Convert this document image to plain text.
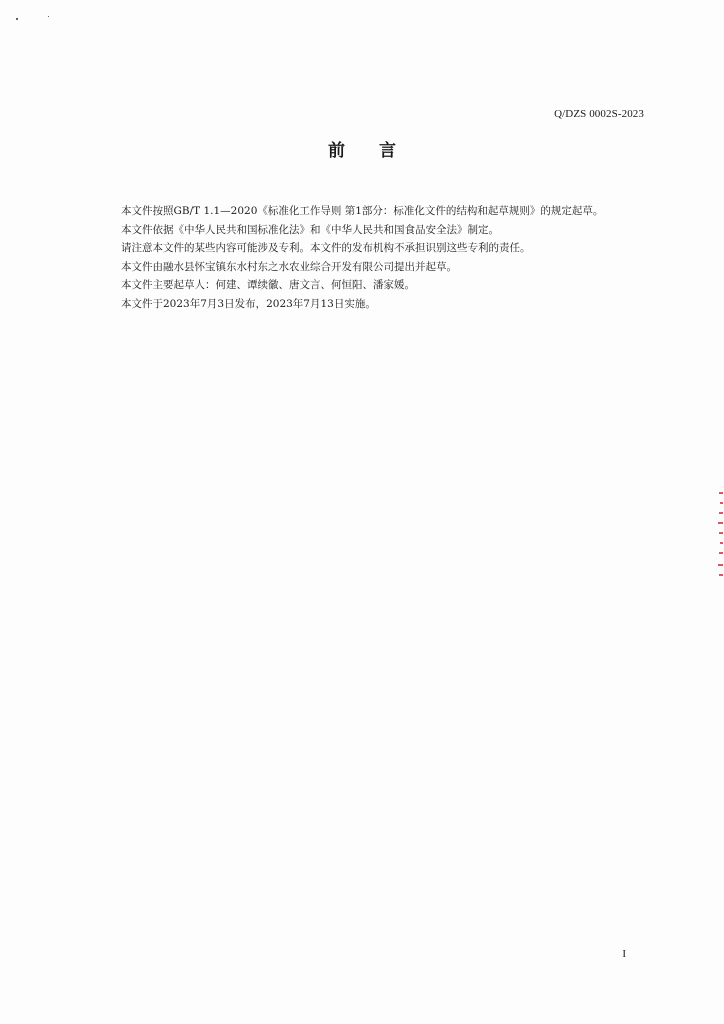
Q/DZS 0002S-2023
前言

本文件按照GB/T 1.1—2020《标准化工作导则 第1部分：标准化文件的结构和起草规则》的规定起草。

本文件依据《中华人民共和国标准化法》和《中华人民共和国食品安全法》制定。

请注意本文件的某些内容可能涉及专利。本文件的发布机构不承担识别这些专利的责任。

本文件由融水县怀宝镇东水村东之水农业综合开发有限公司提出并起草。

本文件主要起草人：何建、谭续徽、唐文言、何恒阳、潘家媛。

本文件于2023年7月3日发布，2023年7月13日实施。

I
